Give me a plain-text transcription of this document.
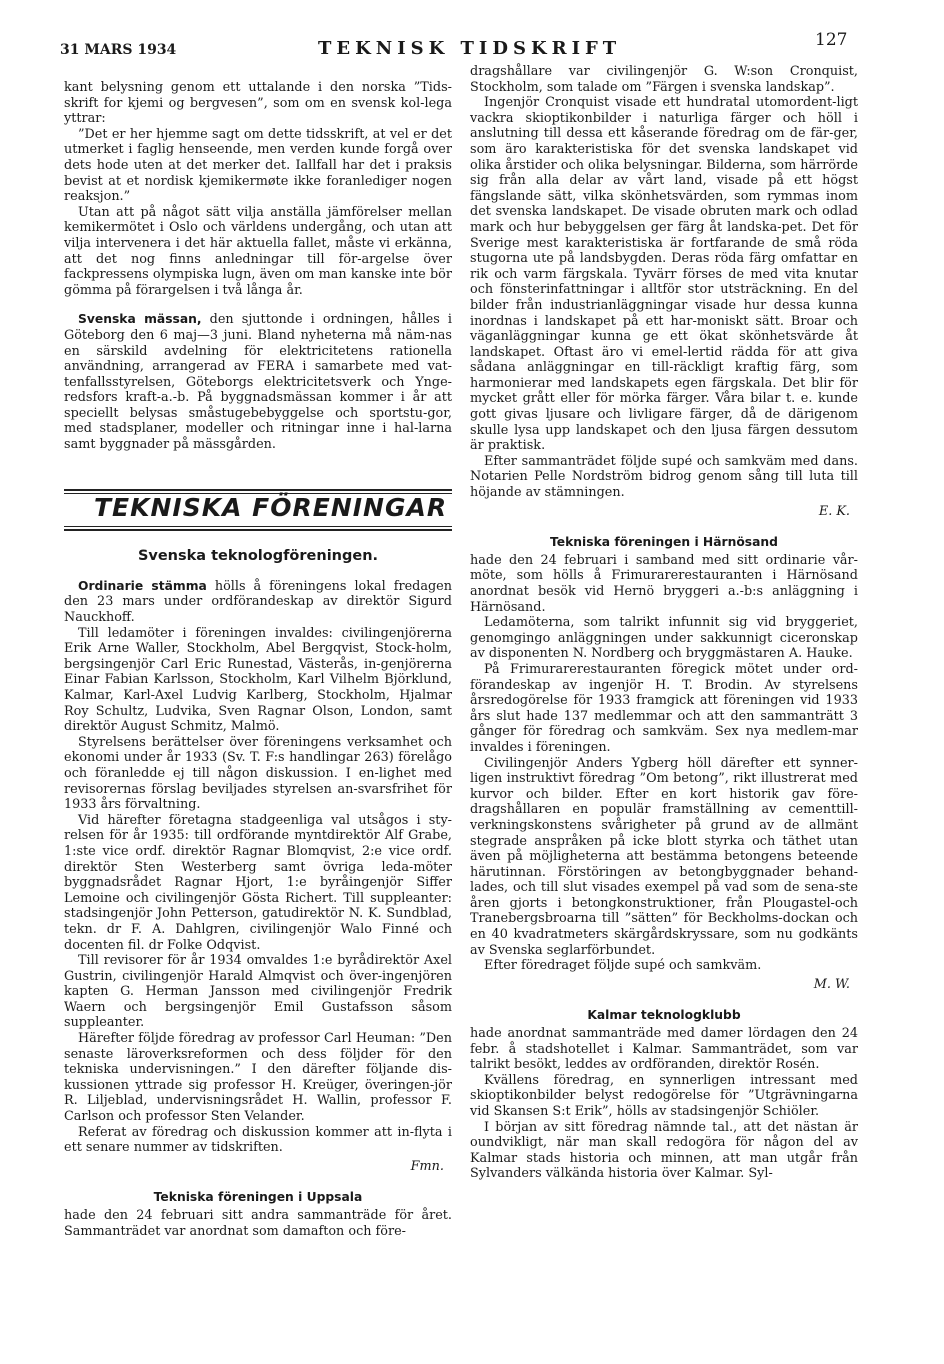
31 MARS 1934	TEKNISK TIDSKRIFT	127

kant belysning genom ett uttalande i den norska ”Tids-skrift for kjemi og bergvesen”, som om en svensk kol-lega yttrar:

”Det er her hjemme sagt om dette tidsskrift, at vel er det utmerket i faglig henseende, men verden kunde forgå over dets hode uten at det merker det. Iallfall har det i praksis bevist at et nordisk kjemikermøte ikke foranlediger nogen reaksjon.”

Utan att på något sätt vilja anställa jämförelser mellan kemikermötet i Oslo och världens undergång, och utan att vilja intervenera i det här aktuella fallet, måste vi erkänna, att det nog finns anledningar till för-argelse över fackpressens olympiska lugn, även om man kanske inte bör gömma på förargelsen i två långa år.

Svenska mässan, den sjuttonde i ordningen, hålles i Göteborg den 6 maj—3 juni. Bland nyheterna må näm-nas en särskild avdelning för elektricitetens rationella användning, arrangerad av FERA i samarbete med vat-tenfallsstyrelsen, Göteborgs elektricitetsverk och Ynge-redsfors kraft-a.-b. På byggnadsmässan kommer i år att speciellt belysas småstugebebyggelse och sportstu-gor, med stadsplaner, modeller och ritningar inne i hal-larna samt byggnader på mässgården.

TEKNISKA FÖRENINGAR
Svenska teknologföreningen.

Ordinarie stämma hölls å föreningens lokal fredagen den 23 mars under ordförandeskap av direktör Sigurd Nauckhoff.

Till ledamöter i föreningen invaldes: civilingenjörerna Erik Arne Waller, Stockholm, Abel Bergqvist, Stock-holm, bergsingenjör Carl Eric Runestad, Västerås, in-genjörerna Einar Fabian Karlsson, Stockholm, Karl Vilhelm Björklund, Kalmar, Karl-Axel Ludvig Karlberg, Stockholm, Hjalmar Roy Schultz, Ludvika, Sven Ragnar Olson, London, samt direktör August Schmitz, Malmö.

Styrelsens berättelser över föreningens verksamhet och ekonomi under år 1933 (Sv. T. F:s handlingar 263) förelågo och föranledde ej till någon diskussion. I en-lighet med revisorernas förslag beviljades styrelsen an-svarsfrihet för 1933 års förvaltning.

Vid härefter företagna stadgeenliga val utsågos i sty-relsen för år 1935: till ordförande myntdirektör Alf Grabe, 1:ste vice ordf. direktör Ragnar Blomqvist, 2:e vice ordf. direktör Sten Westerberg samt övriga leda-möter byggnadsrådet Ragnar Hjort, 1:e byråingenjör Siffer Lemoine och civilingenjör Gösta Richert. Till suppleanter: stadsingenjör John Petterson, gatudirektör N. K. Sundblad, tekn. dr F. A. Dahlgren, civilingenjör Walo Finné och docenten fil. dr Folke Odqvist.

Till revisorer för år 1934 omvaldes 1:e byrådirektör Axel Gustrin, civilingenjör Harald Almqvist och över-ingenjören kapten G. Herman Jansson med civilingenjör Fredrik Waern och bergsingenjör Emil Gustafsson såsom suppleanter.

Härefter följde föredrag av professor Carl Heuman: ”Den senaste läroverksreformen och dess följder för den tekniska undervisningen.” I den därefter följande dis-kussionen yttrade sig professor H. Kreüger, överingen-jör R. Liljeblad, undervisningsrådet H. Wallin, professor F. Carlson och professor Sten Velander.

Referat av föredrag och diskussion kommer att in-flyta i ett senare nummer av tidskriften.

Fmn.
Tekniska föreningen i Uppsala

hade den 24 februari sitt andra sammanträde för året. Sammanträdet var anordnat som damafton och före-

dragshållare var civilingenjör G. W:son Cronquist, Stockholm, som talade om ”Färgen i svenska landskap”.

Ingenjör Cronquist visade ett hundratal utomordent-ligt vackra skioptikonbilder i naturliga färger och höll i anslutning till dessa ett kåserande föredrag om de fär-ger, som äro karakteristiska för det svenska landskapet vid olika årstider och olika belysningar. Bilderna, som härrörde sig från alla delar av vårt land, visade på ett högst fängslande sätt, vilka skönhetsvärden, som rymmas inom det svenska landskapet. De visade obruten mark och odlad mark och hur bebyggelsen ger färg åt landska-pet. Det för Sverige mest karakteristiska är fortfarande de små röda stugorna ute på landsbygden. Deras röda färg omfattar en rik och varm färgskala. Tyvärr förses de med vita knutar och fönsterinfattningar i alltför stor utsträckning. En del bilder från industrianläggningar visade hur dessa kunna inordnas i landskapet på ett har-moniskt sätt. Broar och väganläggningar kunna ge ett ökat skönhetsvärde åt landskapet. Oftast äro vi emel-lertid rädda för att giva sådana anläggningar en till-räckligt kraftig färg, som harmonierar med landskapets egen färgskala. Det blir för mycket grått eller för mörka färger. Våra bilar t. e. kunde gott givas ljusare och livligare färger, då de därigenom skulle lysa upp landskapet och den ljusa färgen dessutom är praktisk.

Efter sammanträdet följde supé och samkväm med dans. Notarien Pelle Nordström bidrog genom sång till luta till höjande av stämningen.

E. K.
Tekniska föreningen i Härnösand

hade den 24 februari i samband med sitt ordinarie vår-möte, som hölls å Frimurarerestauranten i Härnösand anordnat besök vid Hernö bryggeri a.-b:s anläggning i Härnösand.

Ledamöterna, som talrikt infunnit sig vid bryggeriet, genomgingo anläggningen under sakkunnigt ciceronskap av disponenten N. Nordberg och bryggmästaren A. Hauke.

På Frimurarerestauranten föregick mötet under ord-förandeskap av ingenjör H. T. Brodin. Av styrelsens årsredogörelse för 1933 framgick att föreningen vid 1933 års slut hade 137 medlemmar och att den sammanträtt 3 gånger för föredrag och samkväm. Sex nya medlem-mar invaldes i föreningen.

Civilingenjör Anders Ygberg höll därefter ett synner-ligen instruktivt föredrag ”Om betong”, rikt illustrerat med kurvor och bilder. Efter en kort historik gav före-dragshållaren en populär framställning av cementtill-verkningskonstens svårigheter på grund av de allmänt stegrade anspråken på icke blott styrka och täthet utan även på möjligheterna att bestämma betongens beteende härutinnan. Förstöringen av betongbyggnader behand-lades, och till slut visades exempel på vad som de sena-ste åren gjorts i betongkonstruktioner, från Plougastel-och Tranebergsbroarna till ”sätten” för Beckholms-dockan och en 40 kvadratmeters skärgårdskryssare, som nu godkänts av Svenska seglarförbundet.

Efter föredraget följde supé och samkväm.

M. W.
Kalmar teknologklubb

hade anordnat sammanträde med damer lördagen den 24 febr. å stadshotellet i Kalmar. Sammanträdet, som var talrikt besökt, leddes av ordföranden, direktör Rosén.

Kvällens föredrag, en synnerligen intressant med skioptikonbilder belyst redogörelse för ”Utgrävningarna vid Skansen S:t Erik”, hölls av stadsingenjör Schiöler.

I början av sitt föredrag nämnde tal., att det nästan är oundvikligt, när man skall redogöra för någon del av Kalmar stads historia och minnen, att man utgår från Sylvanders välkända historia över Kalmar. Syl-
